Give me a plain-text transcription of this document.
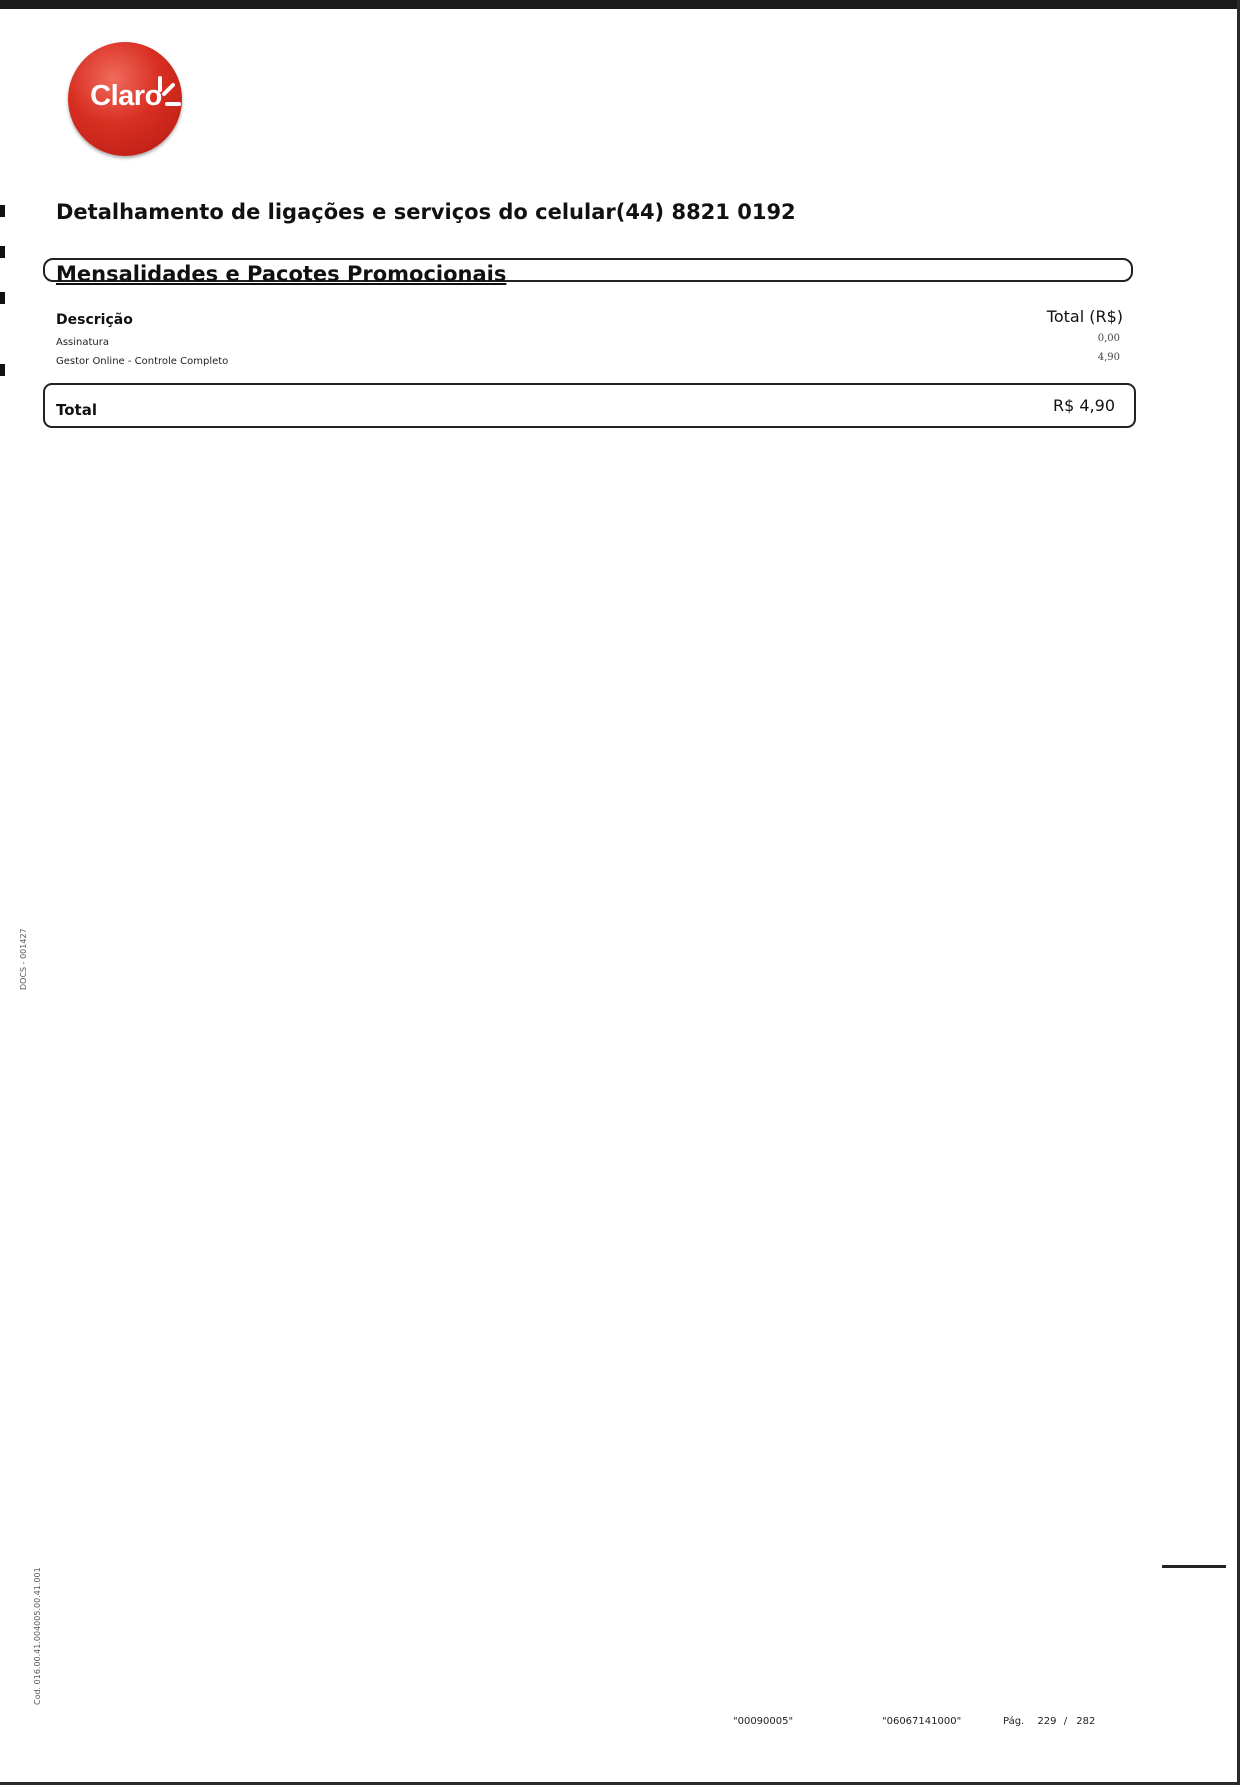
Claro
Detalhamento de ligações e serviços do celular(44) 8821 0192
Mensalidades e Pacotes Promocionais
Descrição	Total (R$)
Assinatura	0,00
Gestor Online - Controle Completo	4,90
Total	R$ 4,90
DOCS - 001427
Cod. 016.00.41.004005.00.41.001
"00090005"	"06067141000"	Pág. 229 / 282
